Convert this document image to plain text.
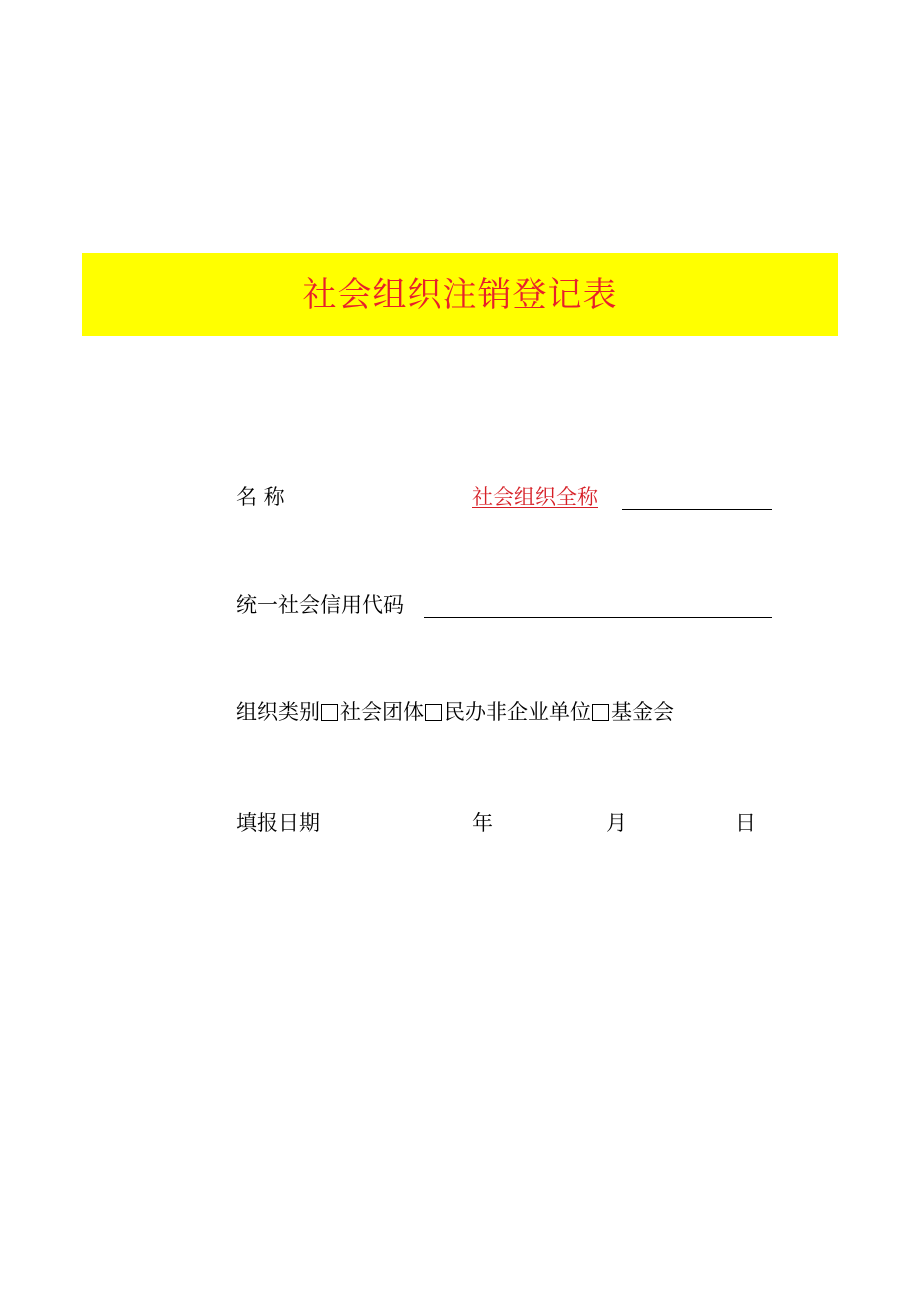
社会组织注销登记表
名 称	社会组织全称
统一社会信用代码
组织类别 社会团体 民办非企业单位 基金会
填报日期	年	月	日
